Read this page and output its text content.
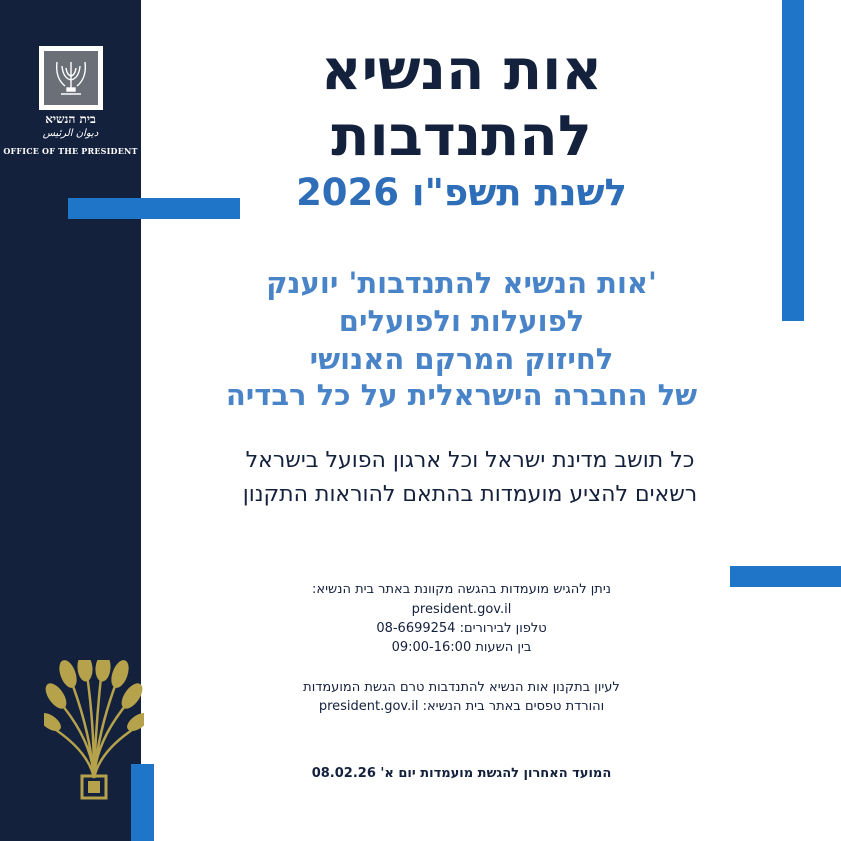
בית הנשיא
ديوان الرئيس
OFFICE OF THE PRESIDENT
אות הנשיא
להתנדבות
לשנת תשפ"ו 2026
'אות הנשיא להתנדבות' יוענק
לפועלות ולפועלים
לחיזוק המרקם האנושי
של החברה הישראלית על כל רבדיה
כל תושב מדינת ישראל וכל ארגון הפועל בישראל
רשאים להציע מועמדות בהתאם להוראות התקנון
ניתן להגיש מועמדות בהגשה מקוונת באתר בית הנשיא:
president.gov.il
טלפון לבירורים: 08-6699254
בין השעות 09:00-16:00
לעיון בתקנון אות הנשיא להתנדבות טרם הגשת המועמדות
והורדת טפסים באתר בית הנשיא: president.gov.il
המועד האחרון להגשת מועמדות יום א' 08.02.26
